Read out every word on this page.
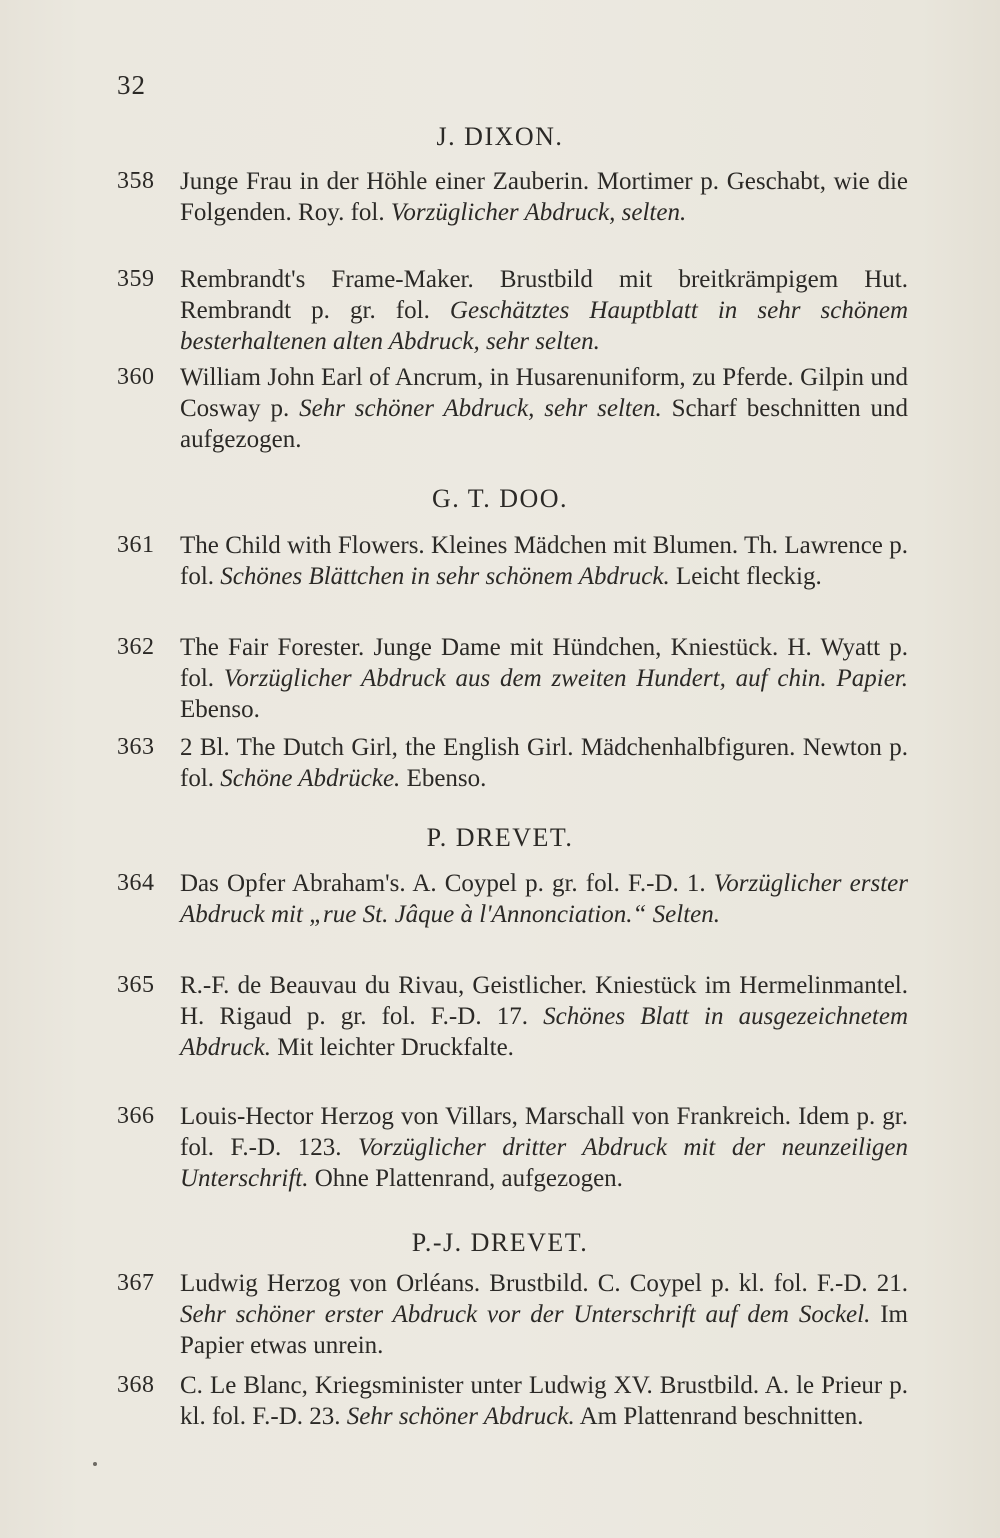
32
J. DIXON.
358 Junge Frau in der Höhle einer Zauberin. Mortimer p. Geschabt, wie die Folgenden. Roy. fol. Vorzüglicher Abdruck, selten.
359 Rembrandt's Frame-Maker. Brustbild mit breitkrämpigem Hut. Rembrandt p. gr. fol. Geschätztes Hauptblatt in sehr schönem besterhaltenen alten Abdruck, sehr selten.
360 William John Earl of Ancrum, in Husarenuniform, zu Pferde. Gilpin und Cosway p. Sehr schöner Abdruck, sehr selten. Scharf beschnitten und aufgezogen.
G. T. DOO.
361 The Child with Flowers. Kleines Mädchen mit Blumen. Th. Lawrence p. fol. Schönes Blättchen in sehr schönem Abdruck. Leicht fleckig.
362 The Fair Forester. Junge Dame mit Hündchen, Kniestück. H. Wyatt p. fol. Vorzüglicher Abdruck aus dem zweiten Hundert, auf chin. Papier. Ebenso.
363 2 Bl. The Dutch Girl, the English Girl. Mädchenhalbfiguren. Newton p. fol. Schöne Abdrücke. Ebenso.
P. DREVET.
364 Das Opfer Abraham's. A. Coypel p. gr. fol. F.-D. 1. Vorzüglicher erster Abdruck mit „rue St. Jâque à l'Annonciation.“ Selten.
365 R.-F. de Beauvau du Rivau, Geistlicher. Kniestück im Hermelinmantel. H. Rigaud p. gr. fol. F.-D. 17. Schönes Blatt in ausgezeichnetem Abdruck. Mit leichter Druckfalte.
366 Louis-Hector Herzog von Villars, Marschall von Frankreich. Idem p. gr. fol. F.-D. 123. Vorzüglicher dritter Abdruck mit der neunzeiligen Unterschrift. Ohne Plattenrand, aufgezogen.
P.-J. DREVET.
367 Ludwig Herzog von Orléans. Brustbild. C. Coypel p. kl. fol. F.-D. 21. Sehr schöner erster Abdruck vor der Unterschrift auf dem Sockel. Im Papier etwas unrein.
368 C. Le Blanc, Kriegsminister unter Ludwig XV. Brustbild. A. le Prieur p. kl. fol. F.-D. 23. Sehr schöner Abdruck. Am Plattenrand beschnitten.
